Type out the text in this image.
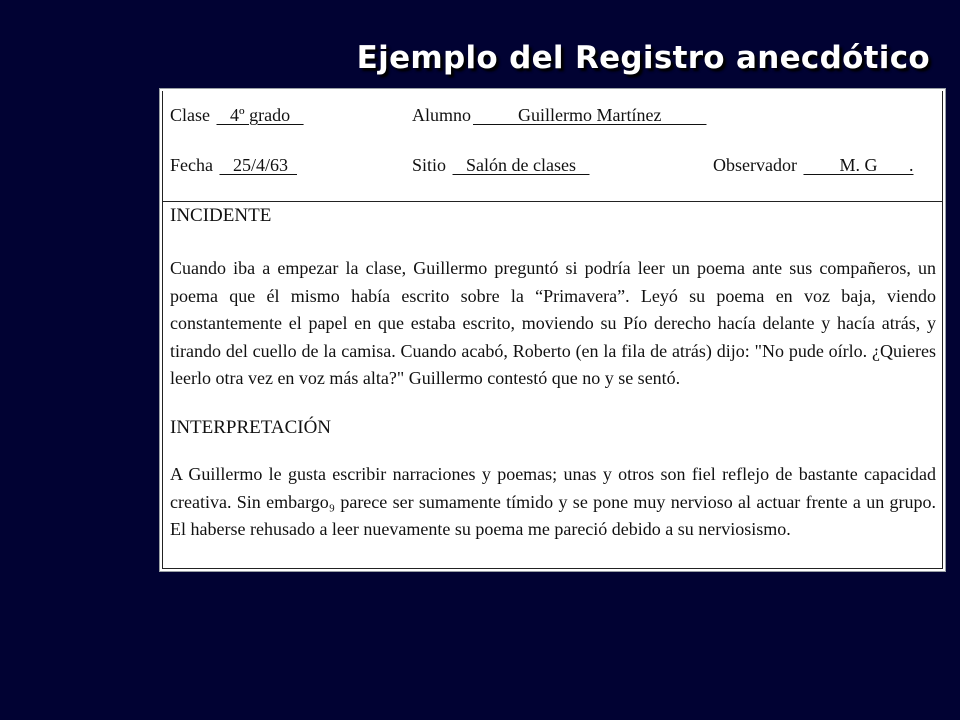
Ejemplo del Registro anecdótico
Clase    4º grado	Alumno          Guillermo Martínez
Fecha    25/4/63	Sitio    Salón de clases	Observador         M. G       .
INCIDENTE

Cuando iba a empezar la clase, Guillermo preguntó si podría leer un poema ante sus compañeros, un poema que él mismo había escrito sobre la “Primavera”. Leyó su poema en voz baja, viendo constantemente el papel en que estaba escrito, moviendo su Pío derecho hacía delante y hacía atrás, y tirando del cuello de la camisa. Cuando acabó, Roberto (en la fila de atrás) dijo: "No pude oírlo. ¿Quieres leerlo otra vez en voz más alta?" Guillermo contestó que no y se sentó.

INTERPRETACIÓN

A Guillermo le gusta escribir narraciones y poemas; unas y otros son fiel reflejo de bastante capacidad creativa. Sin embargo₉ parece ser sumamente tímido y se pone muy nervioso al actuar frente a un grupo. El haberse rehusado a leer nuevamente su poema me pareció debido a su nerviosismo.
